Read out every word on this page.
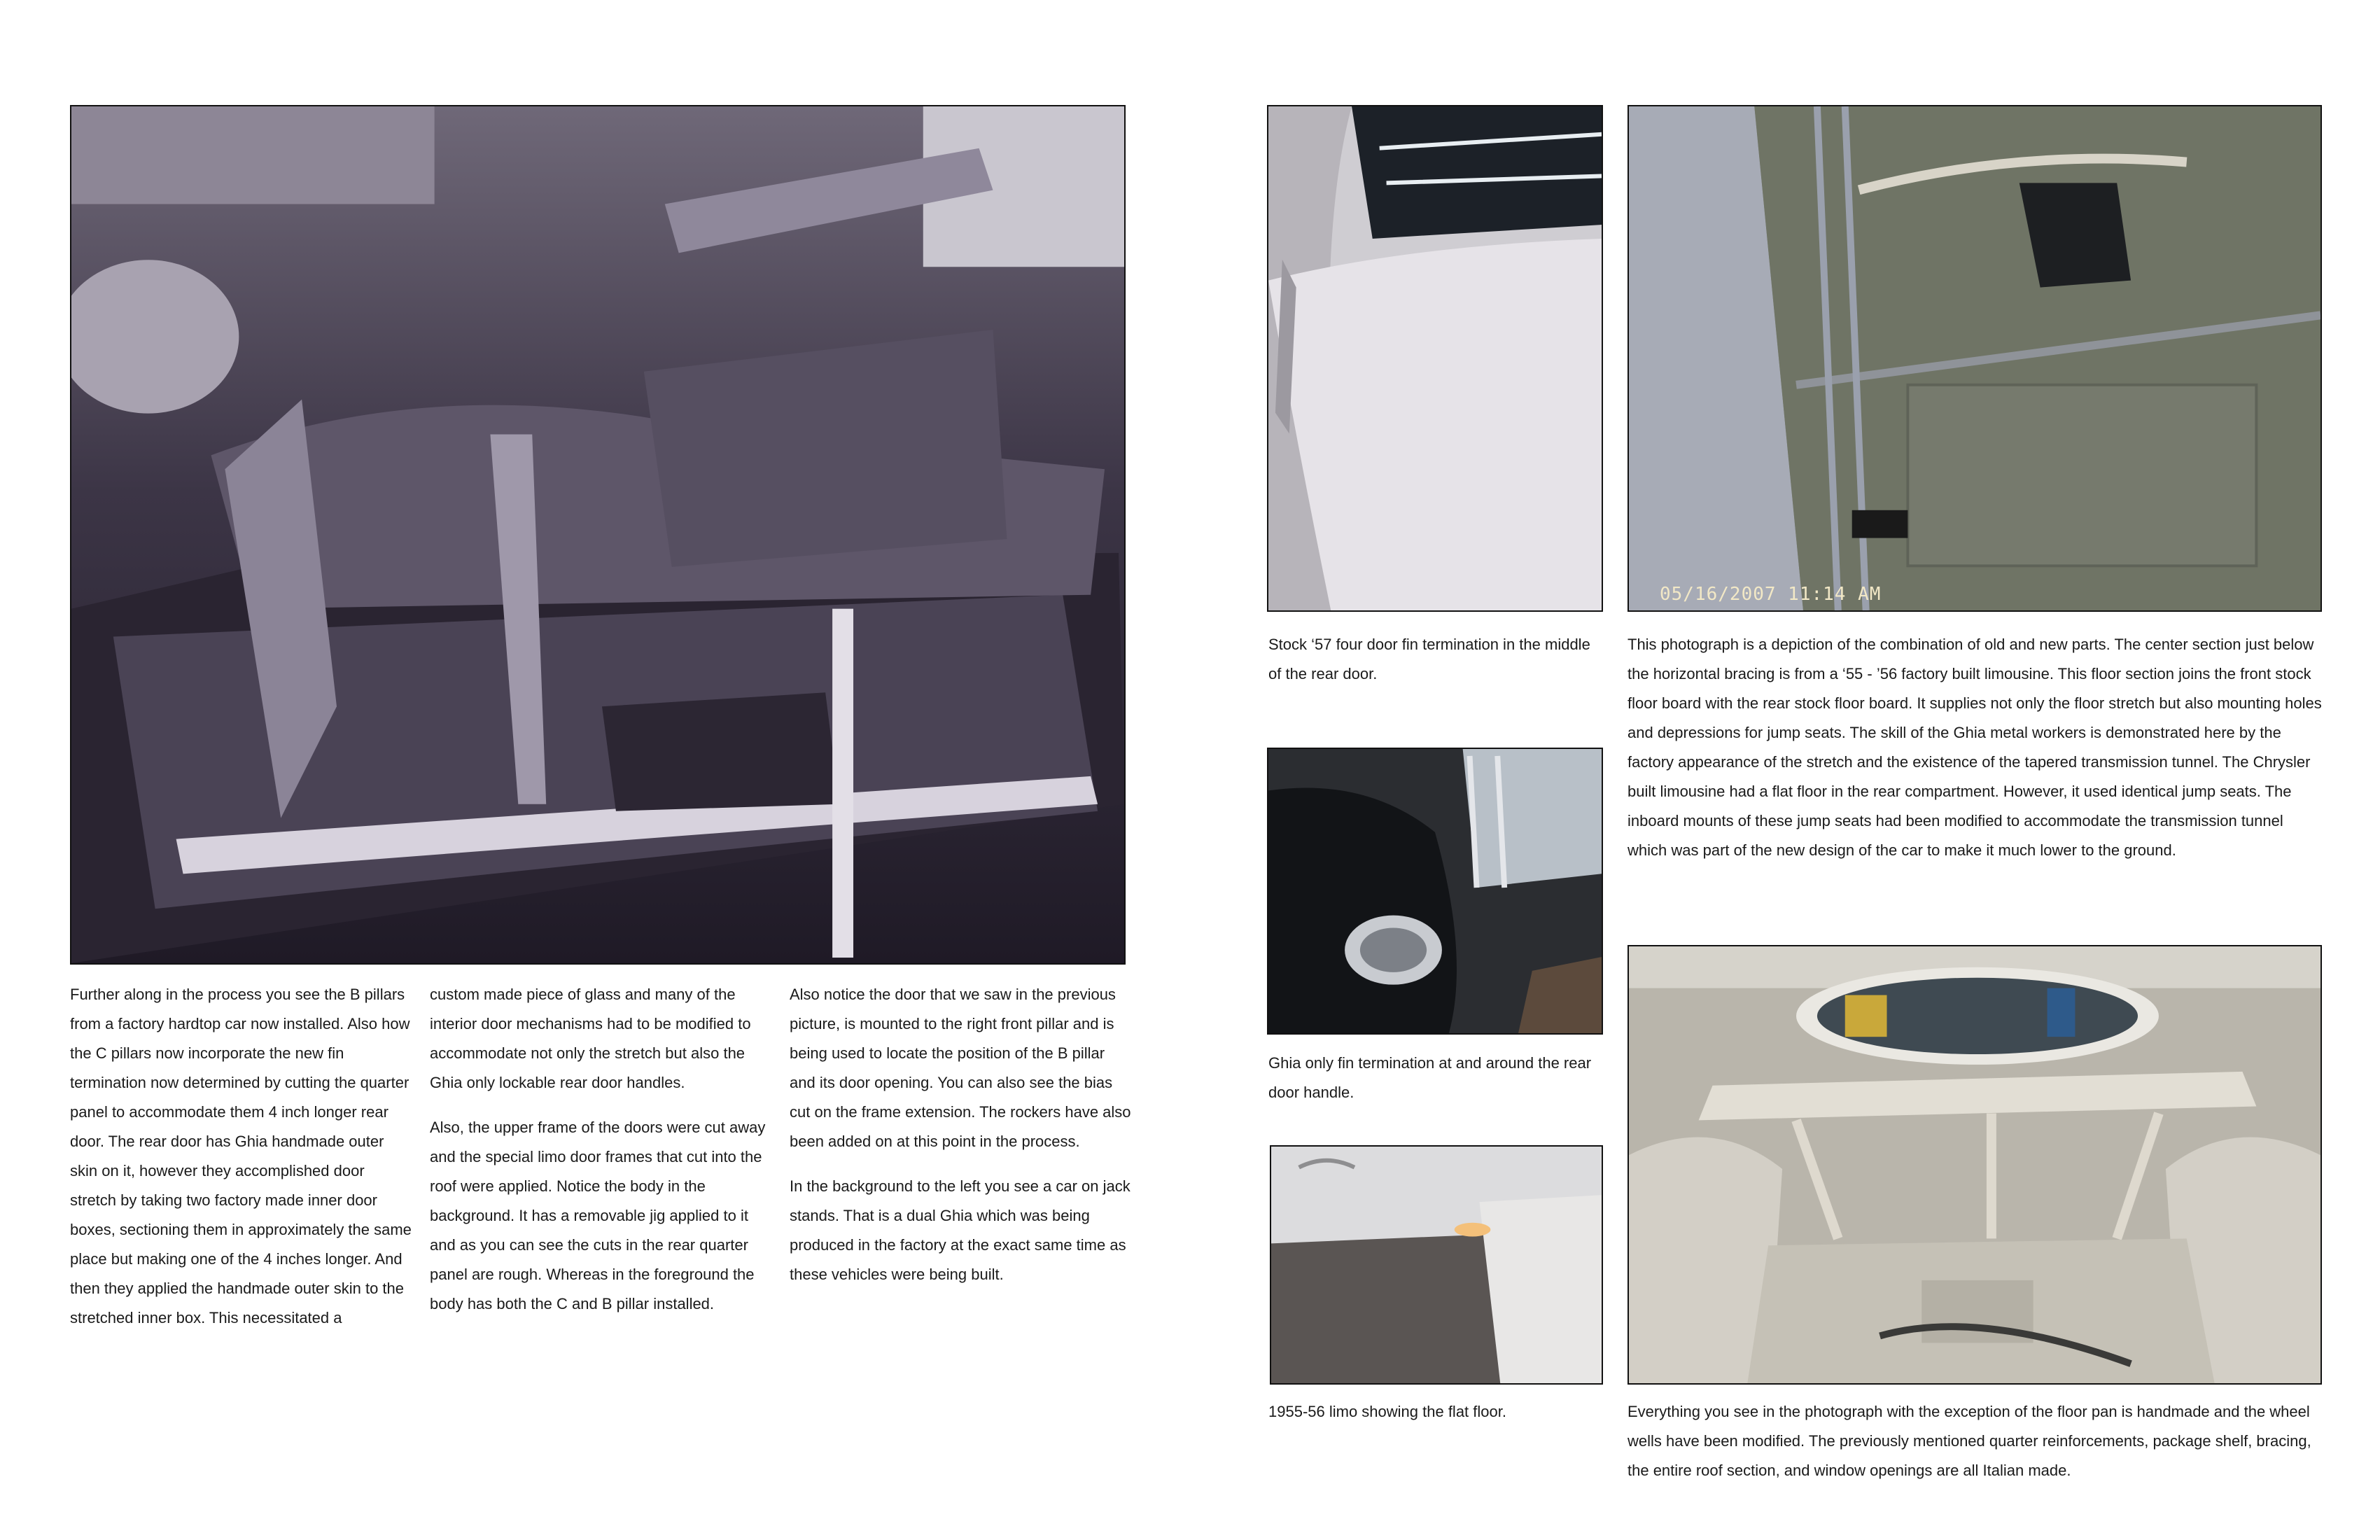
Further along in the process you see the B pillars from a factory hardtop car now installed. Also how the C pillars now incorporate the new fin termination now determined by cutting the quarter panel to accommodate them 4 inch longer rear door. The rear door has Ghia handmade outer skin on it, however they accomplished door stretch by taking two factory made inner door boxes, sectioning them in approximately the same place but making one of the 4 inches longer. And then they applied the handmade outer skin to the stretched inner box. This necessitated a

custom made piece of glass and many of the interior door mechanisms had to be modified to accommodate not only the stretch but also the Ghia only lockable rear door handles.

Also, the upper frame of the doors were cut away and the special limo door frames that cut into the roof were applied. Notice the body in the background. It has a removable jig applied to it and as you can see the cuts in the rear quarter panel are rough. Whereas in the foreground the body has both the C and B pillar installed.

Also notice the door that we saw in the previous picture, is mounted to the right front pillar and is being used to locate the position of the B pillar and its door opening. You can also see the bias cut on the frame extension. The rockers have also been added on at this point in the process.

In the background to the left you see a car on jack stands. That is a dual Ghia which was being produced in the factory at the exact same time as these vehicles were being built.

Stock ‘57 four door fin termination in the middle of the rear door.

05/16/2007 11:14 AM

This photograph is a depiction of the combination of old and new parts. The center section just below the horizontal bracing is from a ‘55 - ’56 factory built limousine. This floor section joins the front stock floor board with the rear stock floor board. It supplies not only the floor stretch but also mounting holes and depressions for jump seats. The skill of the Ghia metal workers is demonstrated here by the factory appearance of the stretch and the existence of the tapered transmission tunnel. The Chrysler built limousine had a flat floor in the rear compartment. However, it used identical jump seats. The inboard mounts of these jump seats had been modified to accommodate the transmission tunnel which was part of the new design of the car to make it much lower to the ground.

Ghia only fin termination at and around the rear door handle.

1955-56 limo showing the flat floor.	Everything you see in the photograph with the exception of the floor pan is handmade and the wheel wells have been modified. The previously mentioned quarter reinforcements, package shelf, bracing, the entire roof section, and window openings are all Italian made.
